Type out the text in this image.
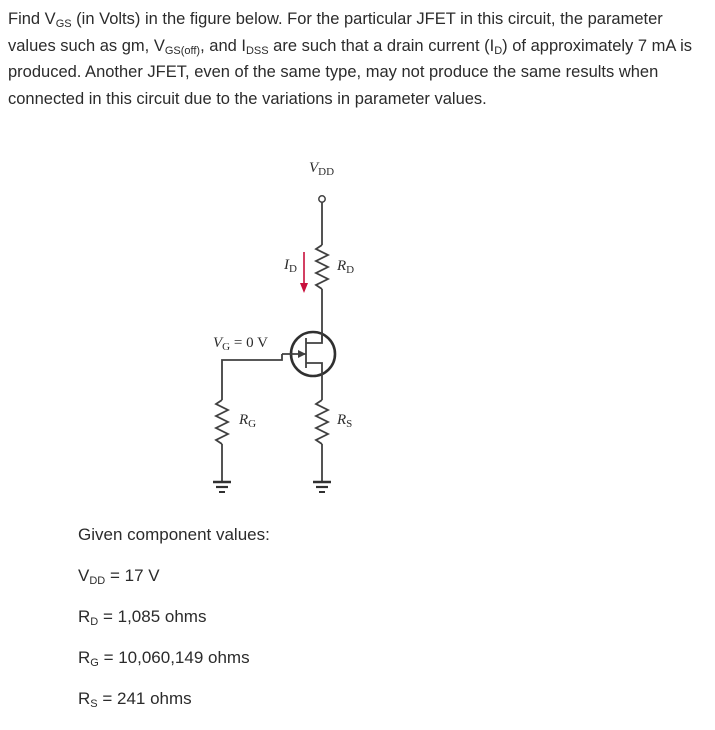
Find $V_{GS}$ (in Volts) in the figure below. For the particular JFET in this circuit, the parameter values such as gm, $V_{GS(off)}$, and $I_{DSS}$ are such that a drain current $(I_D)$ of approximately 7 mA is produced. Another JFET, even of the same type, may not produce the same results when connected in this circuit due to the variations in parameter values.

$V_{DD}$
$R_D$
$I_D$
$V_G = 0$ V
$R_G$	$R_S$
Given component values:
$V_{DD} = 17$ V
$R_D = 1,085$ ohms
$R_G = 10,060,149$ ohms
$R_S = 241$ ohms
